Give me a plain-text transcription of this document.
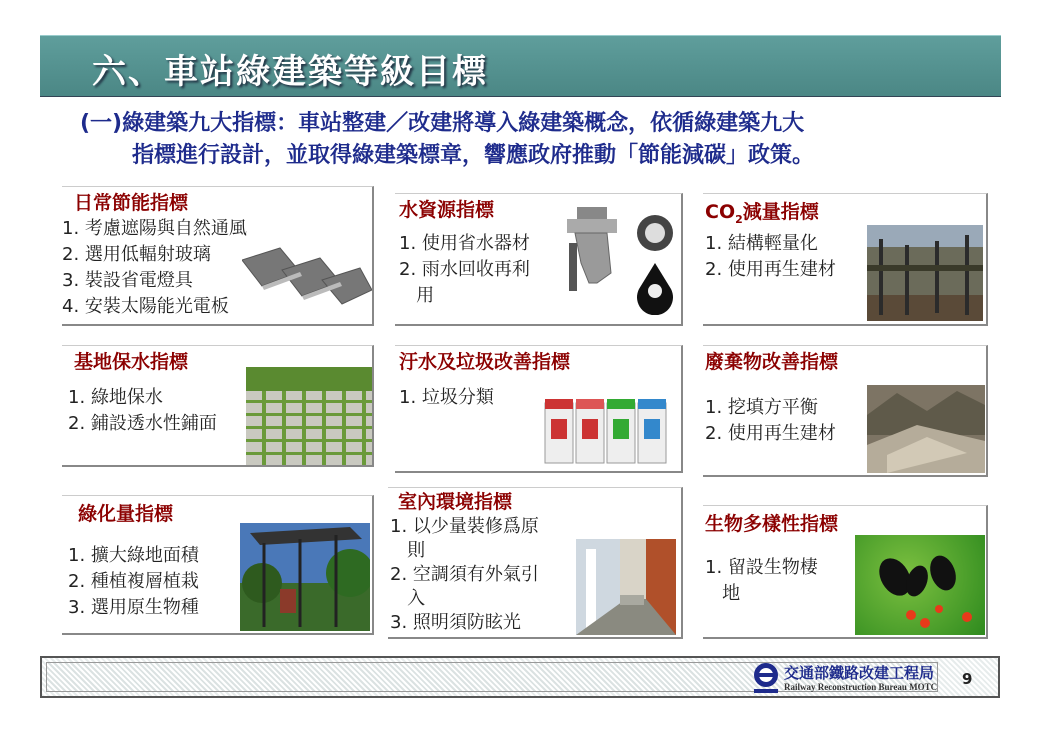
六、車站綠建築等級目標
(一)綠建築九大指標：車站整建／改建將導入綠建築概念，依循綠建築九大
指標進行設計，並取得綠建築標章，響應政府推動「節能減碳」政策。
日常節能指標
1. 考慮遮陽與自然通風
2. 選用低輻射玻璃
3. 裝設省電燈具
4. 安裝太陽能光電板
水資源指標
1. 使用省水器材
2. 雨水回收再利
用
$CO_2$減量指標
1. 結構輕量化
2. 使用再生建材
基地保水指標
1. 綠地保水
2. 鋪設透水性鋪面
汙水及垃圾改善指標
1. 垃圾分類
廢棄物改善指標
1. 挖填方平衡
2. 使用再生建材
綠化量指標
1. 擴大綠地面積
2. 種植複層植栽
3. 選用原生物種
室內環境指標
1. 以少量裝修爲原
則
2. 空調須有外氣引
入
3. 照明須防眩光
生物多樣性指標
1. 留設生物棲
地
交通部鐵路改建工程局
Railway Reconstruction Bureau MOTC 9
